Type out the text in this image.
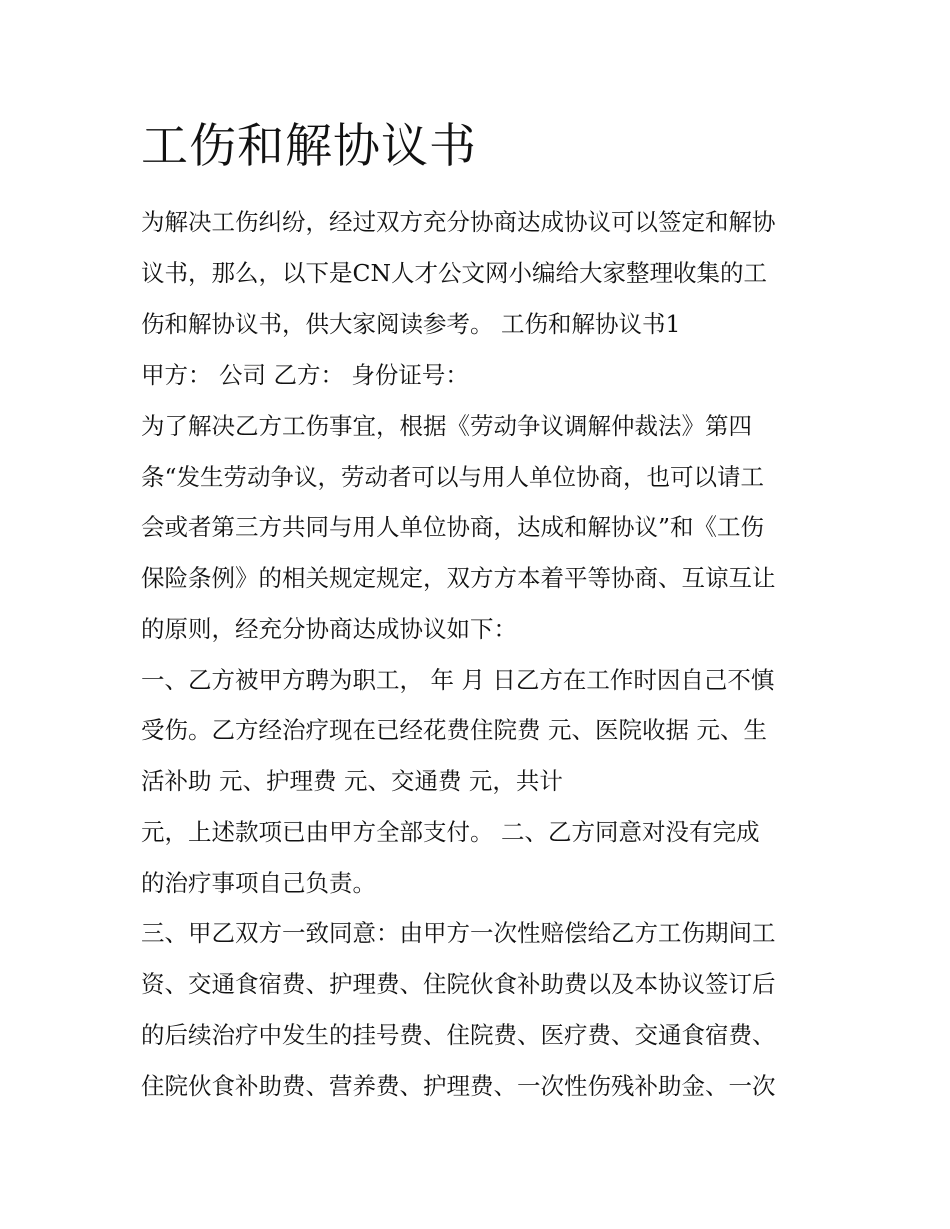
工伤和解协议书

为解决工伤纠纷，经过双方充分协商达成协议可以签定和解协

议书，那么，以下是CN人才公文网小编给大家整理收集的工

伤和解协议书，供大家阅读参考。 工伤和解协议书1

甲方： 公司 乙方： 身份证号：

为了解决乙方工伤事宜，根据《劳动争议调解仲裁法》第四

条“发生劳动争议，劳动者可以与用人单位协商，也可以请工

会或者第三方共同与用人单位协商，达成和解协议”和《工伤

保险条例》的相关规定规定，双方方本着平等协商、互谅互让

的原则，经充分协商达成协议如下：

一、乙方被甲方聘为职工， 年 月 日乙方在工作时因自己不慎

受伤。乙方经治疗现在已经花费住院费 元、医院收据 元、生

活补助 元、护理费 元、交通费 元，共计

元，上述款项已由甲方全部支付。 二、乙方同意对没有完成

的治疗事项自己负责。

三、甲乙双方一致同意：由甲方一次性赔偿给乙方工伤期间工

资、交通食宿费、护理费、住院伙食补助费以及本协议签订后

的后续治疗中发生的挂号费、住院费、医疗费、交通食宿费、

住院伙食补助费、营养费、护理费、一次性伤残补助金、一次
